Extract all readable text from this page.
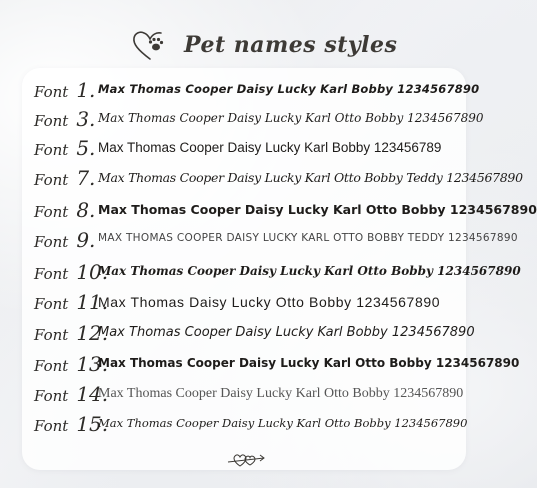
Pet names styles
Font 1. Max Thomas Cooper Daisy Lucky Karl Bobby 1234567890
Font 3. Max Thomas Cooper Daisy Lucky Karl Otto Bobby 1234567890
Font 5. Max Thomas Cooper Daisy Lucky Karl Bobby 123456789
Font 7. Max Thomas Cooper Daisy Lucky Karl Otto Bobby Teddy 1234567890
Font 8. Max Thomas Cooper Daisy Lucky Karl Otto Bobby 1234567890
Font 9. MAX THOMAS COOPER DAISY LUCKY KARL OTTO BOBBY TEDDY 1234567890
Font 10.
Max Thomas Cooper Daisy Lucky Karl Otto Bobby 1234567890
Font 11.
Max Thomas Daisy Lucky Otto Bobby 1234567890
Font 12.
Max Thomas Cooper Daisy Lucky Karl Bobby 1234567890
Font 13.
Max Thomas Cooper Daisy Lucky Karl Otto Bobby 1234567890
Font 14.
Max Thomas Cooper Daisy Lucky Karl Otto Bobby 1234567890
Font 15.
Max Thomas Cooper Daisy Lucky Karl Otto Bobby 1234567890
